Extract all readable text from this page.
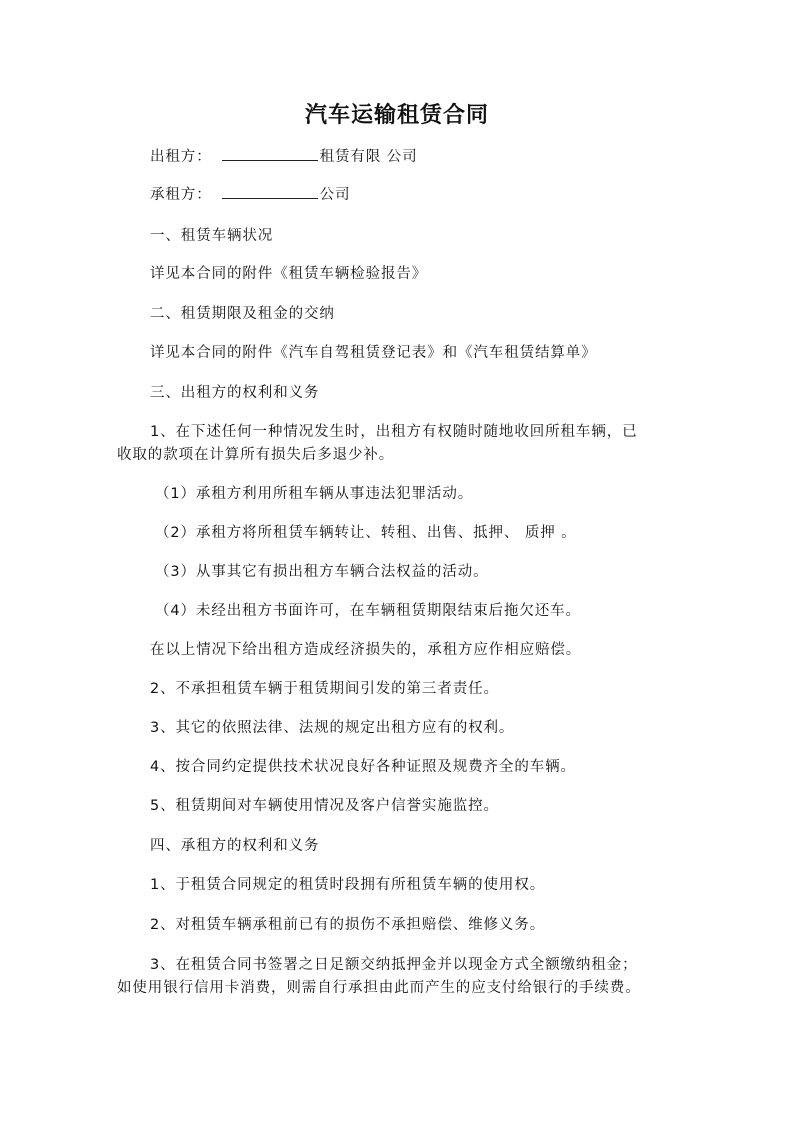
汽车运输租赁合同

出租方：	租赁有限 公司

承租方：	公司

一、租赁车辆状况

详见本合同的附件《租赁车辆检验报告》

二、租赁期限及租金的交纳

详见本合同的附件《汽车自驾租赁登记表》和《汽车租赁结算单》

三、出租方的权利和义务

1、在下述任何一种情况发生时，出租方有权随时随地收回所租车辆，已收取的款项在计算所有损失后多退少补。

（1）承租方利用所租车辆从事违法犯罪活动。

（2）承租方将所租赁车辆转让、转租、出售、抵押、 质押 。

（3）从事其它有损出租方车辆合法权益的活动。

（4）未经出租方书面许可，在车辆租赁期限结束后拖欠还车。

在以上情况下给出租方造成经济损失的，承租方应作相应赔偿。

2、不承担租赁车辆于租赁期间引发的第三者责任。

3、其它的依照法律、法规的规定出租方应有的权利。

4、按合同约定提供技术状况良好各种证照及规费齐全的车辆。

5、租赁期间对车辆使用情况及客户信誉实施监控。

四、承租方的权利和义务

1、于租赁合同规定的租赁时段拥有所租赁车辆的使用权。

2、对租赁车辆承租前已有的损伤不承担赔偿、维修义务。

3、在租赁合同书签署之日足额交纳抵押金并以现金方式全额缴纳租金；如使用银行信用卡消费，则需自行承担由此而产生的应支付给银行的手续费。
